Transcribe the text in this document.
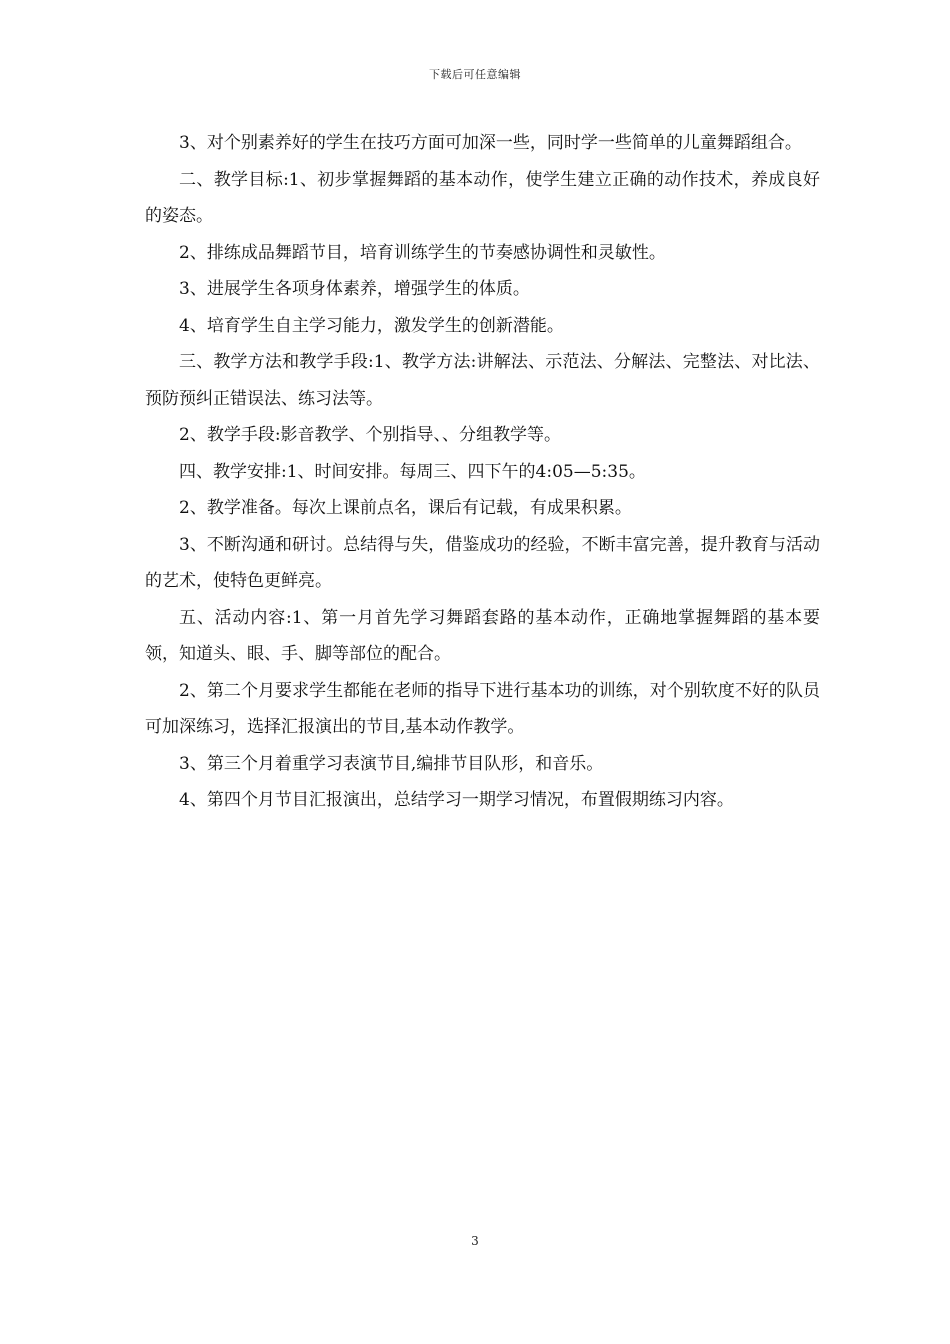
下载后可任意编辑

3、对个别素养好的学生在技巧方面可加深一些，同时学一些简单的儿童舞蹈组合。

二、教学目标:1、初步掌握舞蹈的基本动作，使学生建立正确的动作技术，养成良好的姿态。

2、排练成品舞蹈节目，培育训练学生的节奏感协调性和灵敏性。

3、进展学生各项身体素养，增强学生的体质。

4、培育学生自主学习能力，激发学生的创新潜能。

三、教学方法和教学手段:1、教学方法:讲解法、示范法、分解法、完整法、对比法、预防预纠正错误法、练习法等。

2、教学手段:影音教学、个别指导、、分组教学等。

四、教学安排:1、时间安排。每周三、四下午的4:05—5:35。

2、教学准备。每次上课前点名，课后有记载，有成果积累。

3、不断沟通和研讨。总结得与失，借鉴成功的经验，不断丰富完善，提升教育与活动的艺术，使特色更鲜亮。

五、活动内容:1、第一月首先学习舞蹈套路的基本动作，正确地掌握舞蹈的基本要领，知道头、眼、手、脚等部位的配合。

2、第二个月要求学生都能在老师的指导下进行基本功的训练，对个别软度不好的队员可加深练习，选择汇报演出的节目,基本动作教学。

3、第三个月着重学习表演节目,编排节目队形，和音乐。

4、第四个月节目汇报演出，总结学习一期学习情况，布置假期练习内容。

3
